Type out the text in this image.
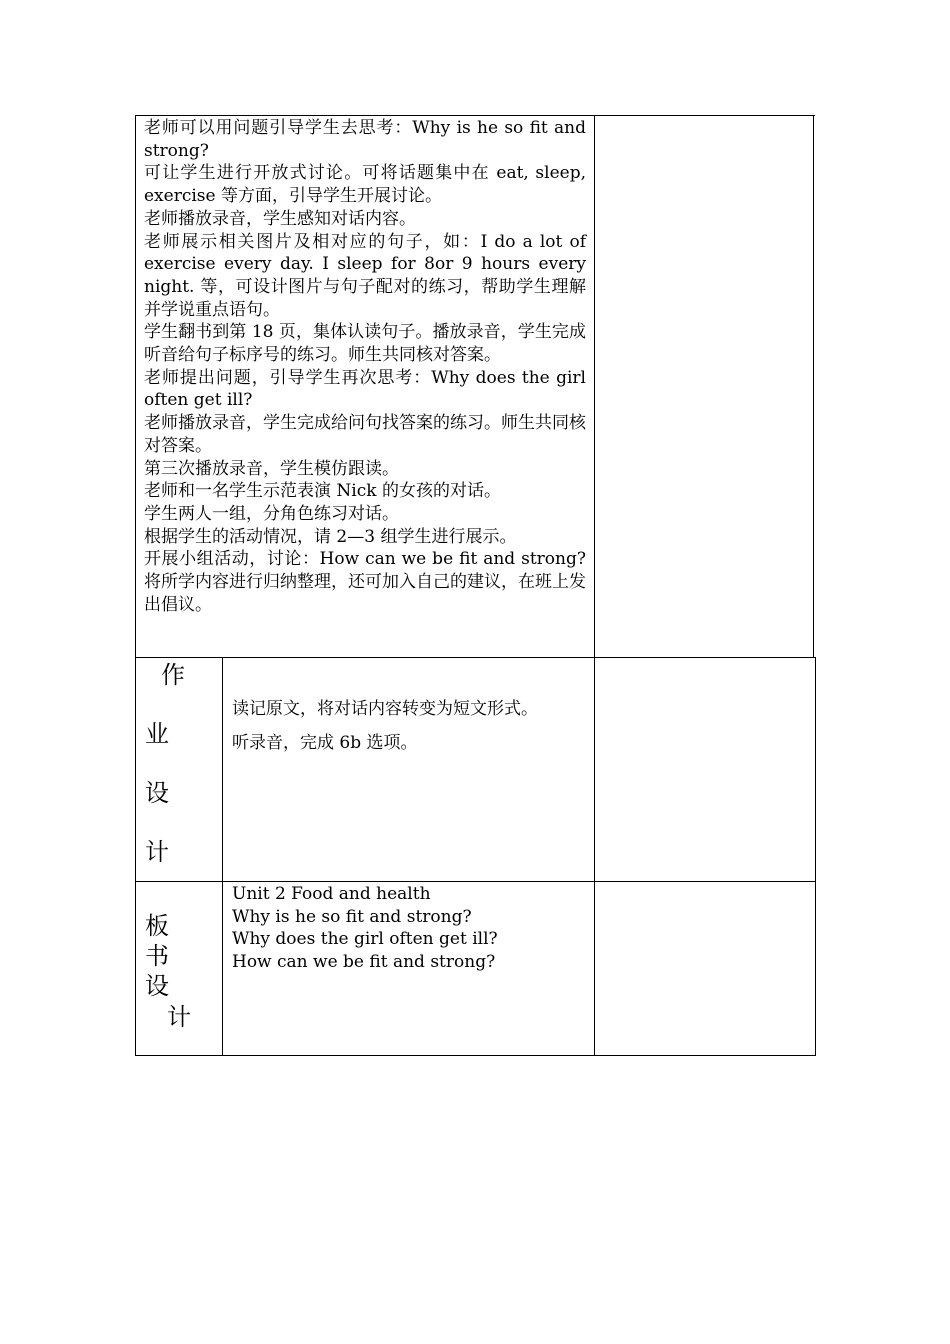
老师可以用问题引导学生去思考：Why is he so fit and strong?

可让学生进行开放式讨论。可将话题集中在 eat, sleep, exercise 等方面，引导学生开展讨论。

老师播放录音，学生感知对话内容。

老师展示相关图片及相对应的句子，如：I do a lot of exercise every day. I sleep for 8or 9 hours every night. 等，可设计图片与句子配对的练习，帮助学生理解并学说重点语句。

学生翻书到第 18 页，集体认读句子。播放录音，学生完成听音给句子标序号的练习。师生共同核对答案。

老师提出问题，引导学生再次思考：Why does the girl often get ill?

老师播放录音，学生完成给问句找答案的练习。师生共同核对答案。

第三次播放录音，学生模仿跟读。

老师和一名学生示范表演 Nick 的女孩的对话。

学生两人一组，分角色练习对话。

根据学生的活动情况，请 2—3 组学生进行展示。

开展小组活动，讨论：How can we be fit and strong? 将所学内容进行归纳整理，还可加入自己的建议，在班上发出倡议。

作
业
设
计

读记原文，将对话内容转变为短文形式。

听录音，完成 6b 选项。

板
书
设
计

Unit 2 Food and health

Why is he so fit and strong?

Why does the girl often get ill?

How can we be fit and strong?
